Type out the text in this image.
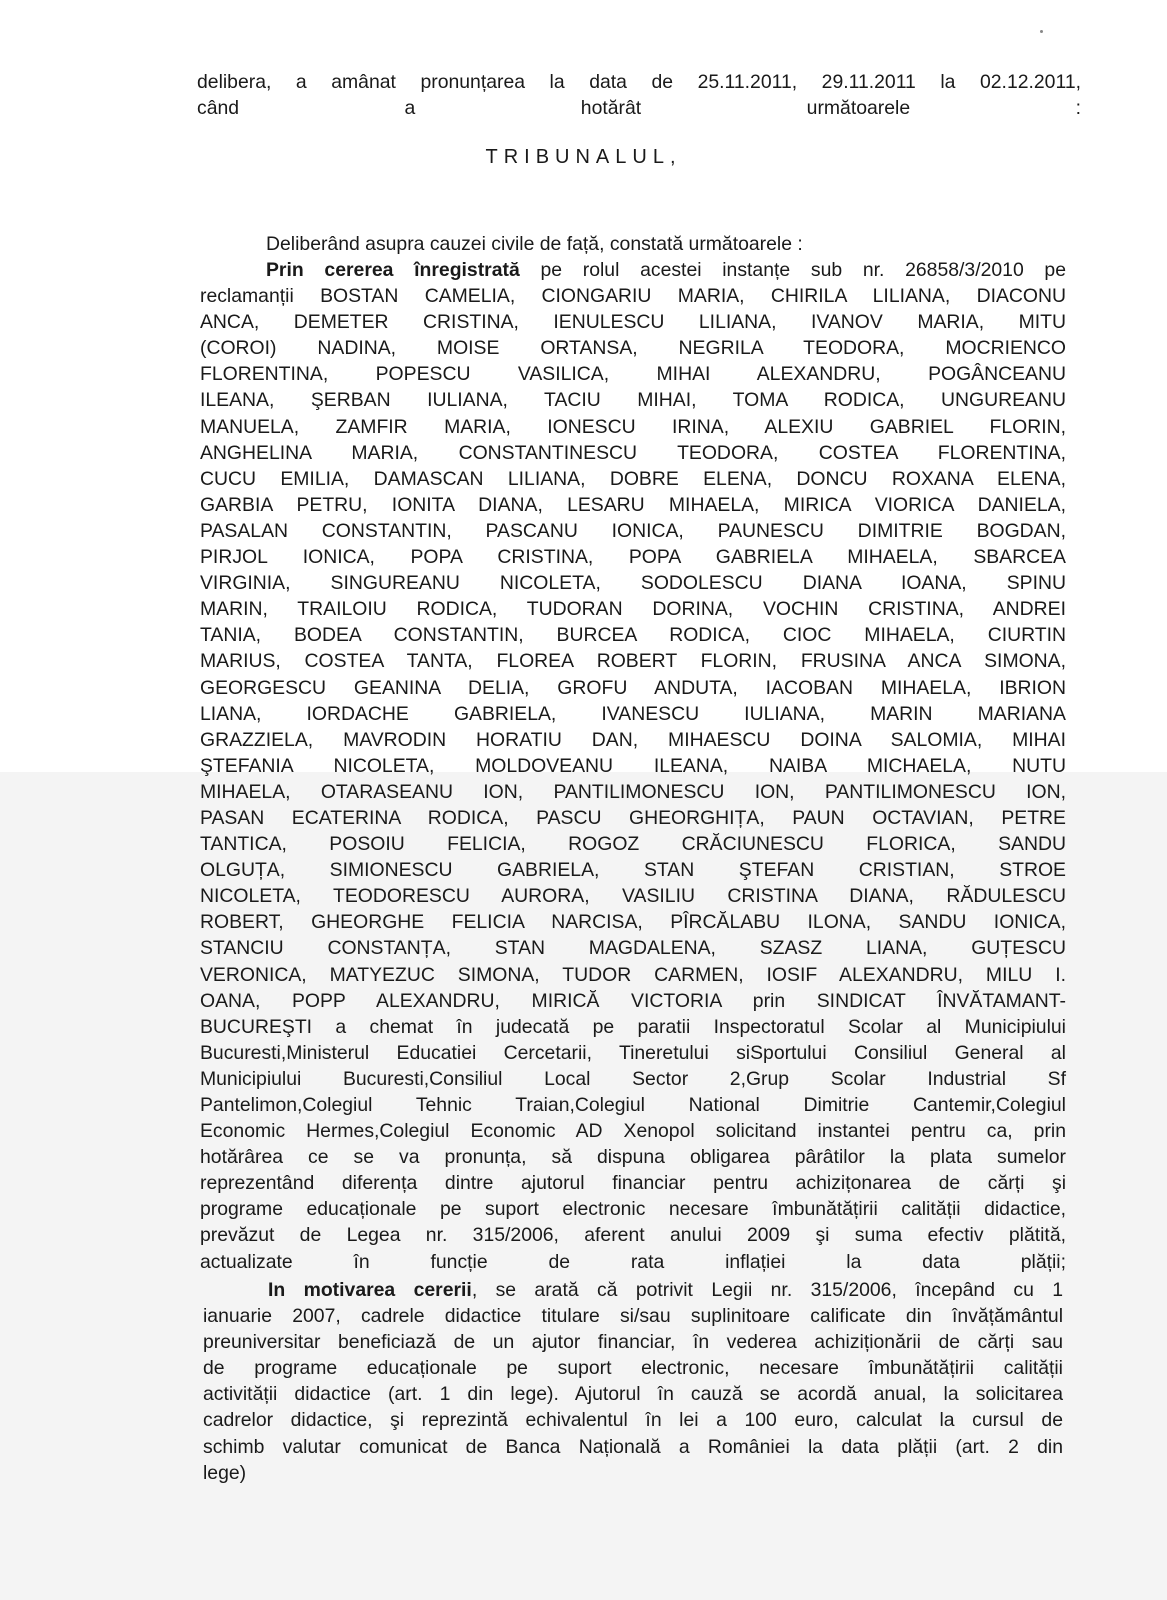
delibera, a amânat pronunțarea la data de 25.11.2011, 29.11.2011 la 02.12.2011,
când a hotărât următoarele :
TRIBUNALUL,
Deliberând asupra cauzei civile de față, constată următoarele :
Prin cererea înregistrată pe rolul acestei instanțe sub nr. 26858/3/2010 pe
reclamanții BOSTAN CAMELIA, CIONGARIU MARIA, CHIRILA LILIANA, DIACONU
ANCA, DEMETER CRISTINA, IENULESCU LILIANA, IVANOV MARIA, MITU
(COROI) NADINA, MOISE ORTANSA, NEGRILA TEODORA, MOCRIENCO
FLORENTINA, POPESCU VASILICA, MIHAI ALEXANDRU, POGÂNCEANU
ILEANA, ŞERBAN IULIANA, TACIU MIHAI, TOMA RODICA, UNGUREANU
MANUELA, ZAMFIR MARIA, IONESCU IRINA, ALEXIU GABRIEL FLORIN,
ANGHELINA MARIA, CONSTANTINESCU TEODORA, COSTEA FLORENTINA,
CUCU EMILIA, DAMASCAN LILIANA, DOBRE ELENA, DONCU ROXANA ELENA,
GARBIA PETRU, IONITA DIANA, LESARU MIHAELA, MIRICA VIORICA DANIELA,
PASALAN CONSTANTIN, PASCANU IONICA, PAUNESCU DIMITRIE BOGDAN,
PIRJOL IONICA, POPA CRISTINA, POPA GABRIELA MIHAELA, SBARCEA
VIRGINIA, SINGUREANU NICOLETA, SODOLESCU DIANA IOANA, SPINU
MARIN, TRAILOIU RODICA, TUDORAN DORINA, VOCHIN CRISTINA, ANDREI
TANIA, BODEA CONSTANTIN, BURCEA RODICA, CIOC MIHAELA, CIURTIN
MARIUS, COSTEA TANTA, FLOREA ROBERT FLORIN, FRUSINA ANCA SIMONA,
GEORGESCU GEANINA DELIA, GROFU ANDUTA, IACOBAN MIHAELA, IBRION
LIANA, IORDACHE GABRIELA, IVANESCU IULIANA, MARIN MARIANA
GRAZZIELA, MAVRODIN HORATIU DAN, MIHAESCU DOINA SALOMIA, MIHAI
ŞTEFANIA NICOLETA, MOLDOVEANU ILEANA, NAIBA MICHAELA, NUTU
MIHAELA, OTARASEANU ION, PANTILIMONESCU ION, PANTILIMONESCU ION,
PASAN ECATERINA RODICA, PASCU GHEORGHIȚA, PAUN OCTAVIAN, PETRE
TANTICA, POSOIU FELICIA, ROGOZ CRĂCIUNESCU FLORICA, SANDU
OLGUȚA, SIMIONESCU GABRIELA, STAN ŞTEFAN CRISTIAN, STROE
NICOLETA, TEODORESCU AURORA, VASILIU CRISTINA DIANA, RĂDULESCU
ROBERT, GHEORGHE FELICIA NARCISA, PÎRCĂLABU ILONA, SANDU IONICA,
STANCIU CONSTANȚA, STAN MAGDALENA, SZASZ LIANA, GUȚESCU
VERONICA, MATYEZUC SIMONA, TUDOR CARMEN, IOSIF ALEXANDRU, MILU I.
OANA, POPP ALEXANDRU, MIRICĂ VICTORIA prin SINDICAT ÎNVĂTAMANT-
BUCUREŞTI a chemat în judecată pe paratii Inspectoratul Scolar al Municipiului
Bucuresti,Ministerul Educatiei Cercetarii, Tineretului siSportului Consiliul General al
Municipiului Bucuresti,Consiliul Local Sector 2,Grup Scolar Industrial Sf
Pantelimon,Colegiul Tehnic Traian,Colegiul National Dimitrie Cantemir,Colegiul
Economic Hermes,Colegiul Economic AD Xenopol solicitand instantei pentru ca, prin
hotărârea ce se va pronunța, să dispuna obligarea pârâtilor la plata sumelor
reprezentând diferența dintre ajutorul financiar pentru achizițonarea de cărți şi
programe educaționale pe suport electronic necesare îmbunătățirii calității didactice,
prevăzut de Legea nr. 315/2006, aferent anului 2009 şi suma efectiv plătită,
actualizate în funcție de rata inflației la data plății;
In motivarea cererii, se arată că potrivit Legii nr. 315/2006, începând cu 1
ianuarie 2007, cadrele didactice titulare si/sau suplinitoare calificate din învățământul
preuniversitar beneficiază de un ajutor financiar, în vederea achiziționării de cărți sau
de programe educaționale pe suport electronic, necesare îmbunătățirii calității
activității didactice (art. 1 din lege). Ajutorul în cauză se acordă anual, la solicitarea
cadrelor didactice, şi reprezintă echivalentul în lei a 100 euro, calculat la cursul de
schimb valutar comunicat de Banca Națională a României la data plății (art. 2 din
lege)
